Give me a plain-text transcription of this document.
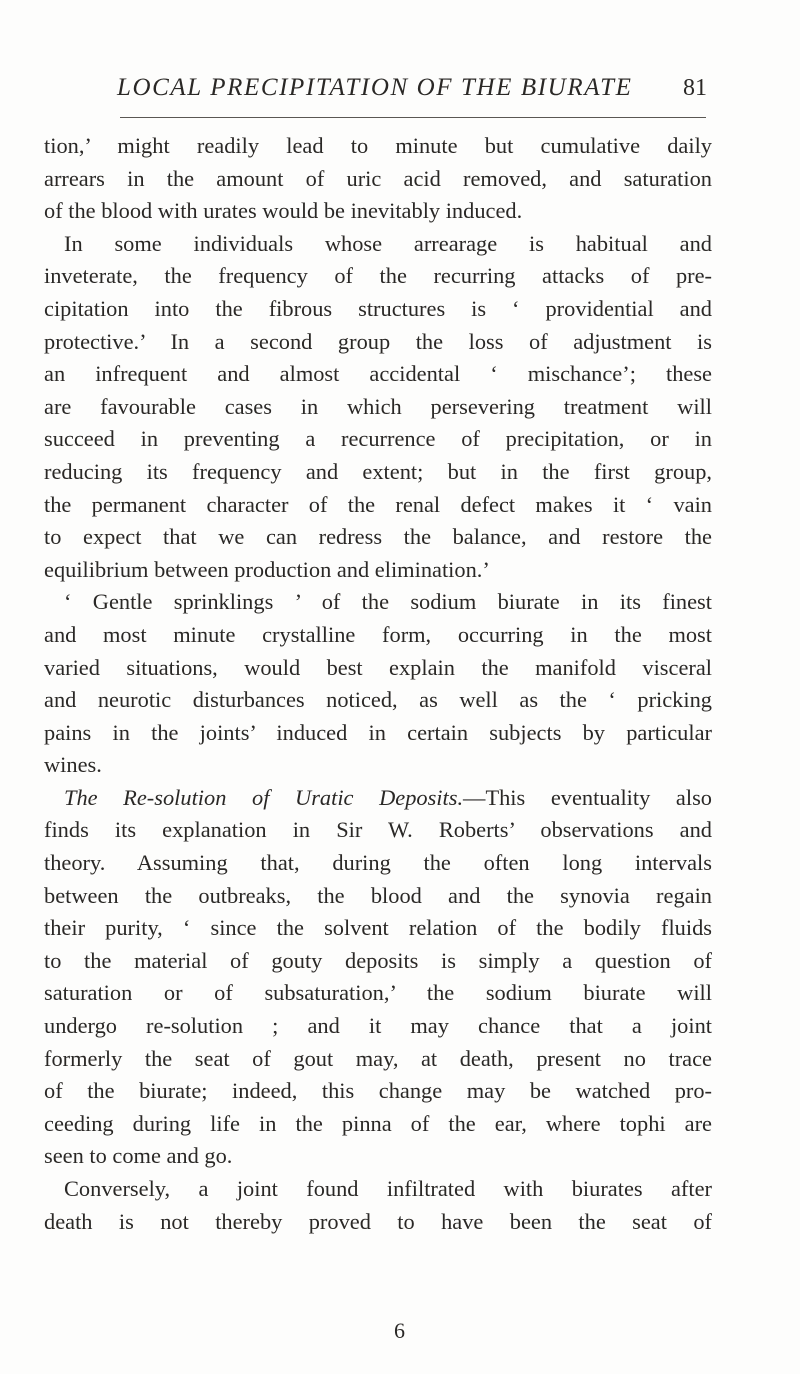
LOCAL PRECIPITATION OF THE BIURATE 81
tion,’ might readily lead to minute but cumulative daily
arrears in the amount of uric acid removed, and saturation
of the blood with urates would be inevitably induced.
In some individuals whose arrearage is habitual and
inveterate, the frequency of the recurring attacks of pre-
cipitation into the fibrous structures is ‘ providential and
protective.’ In a second group the loss of adjustment is
an infrequent and almost accidental ‘ mischance’; these
are favourable cases in which persevering treatment will
succeed in preventing a recurrence of precipitation, or in
reducing its frequency and extent; but in the first group,
the permanent character of the renal defect makes it ‘ vain
to expect that we can redress the balance, and restore the
equilibrium between production and elimination.’
‘ Gentle sprinklings ’ of the sodium biurate in its finest
and most minute crystalline form, occurring in the most
varied situations, would best explain the manifold visceral
and neurotic disturbances noticed, as well as the ‘ pricking
pains in the joints’ induced in certain subjects by particular
wines.
The Re-solution of Uratic Deposits.—This eventuality also
finds its explanation in Sir W. Roberts’ observations and
theory. Assuming that, during the often long intervals
between the outbreaks, the blood and the synovia regain
their purity, ‘ since the solvent relation of the bodily fluids
to the material of gouty deposits is simply a question of
saturation or of subsaturation,’ the sodium biurate will
undergo re-solution ; and it may chance that a joint
formerly the seat of gout may, at death, present no trace
of the biurate; indeed, this change may be watched pro-
ceeding during life in the pinna of the ear, where tophi are
seen to come and go.
Conversely, a joint found infiltrated with biurates after
death is not thereby proved to have been the seat of
6
